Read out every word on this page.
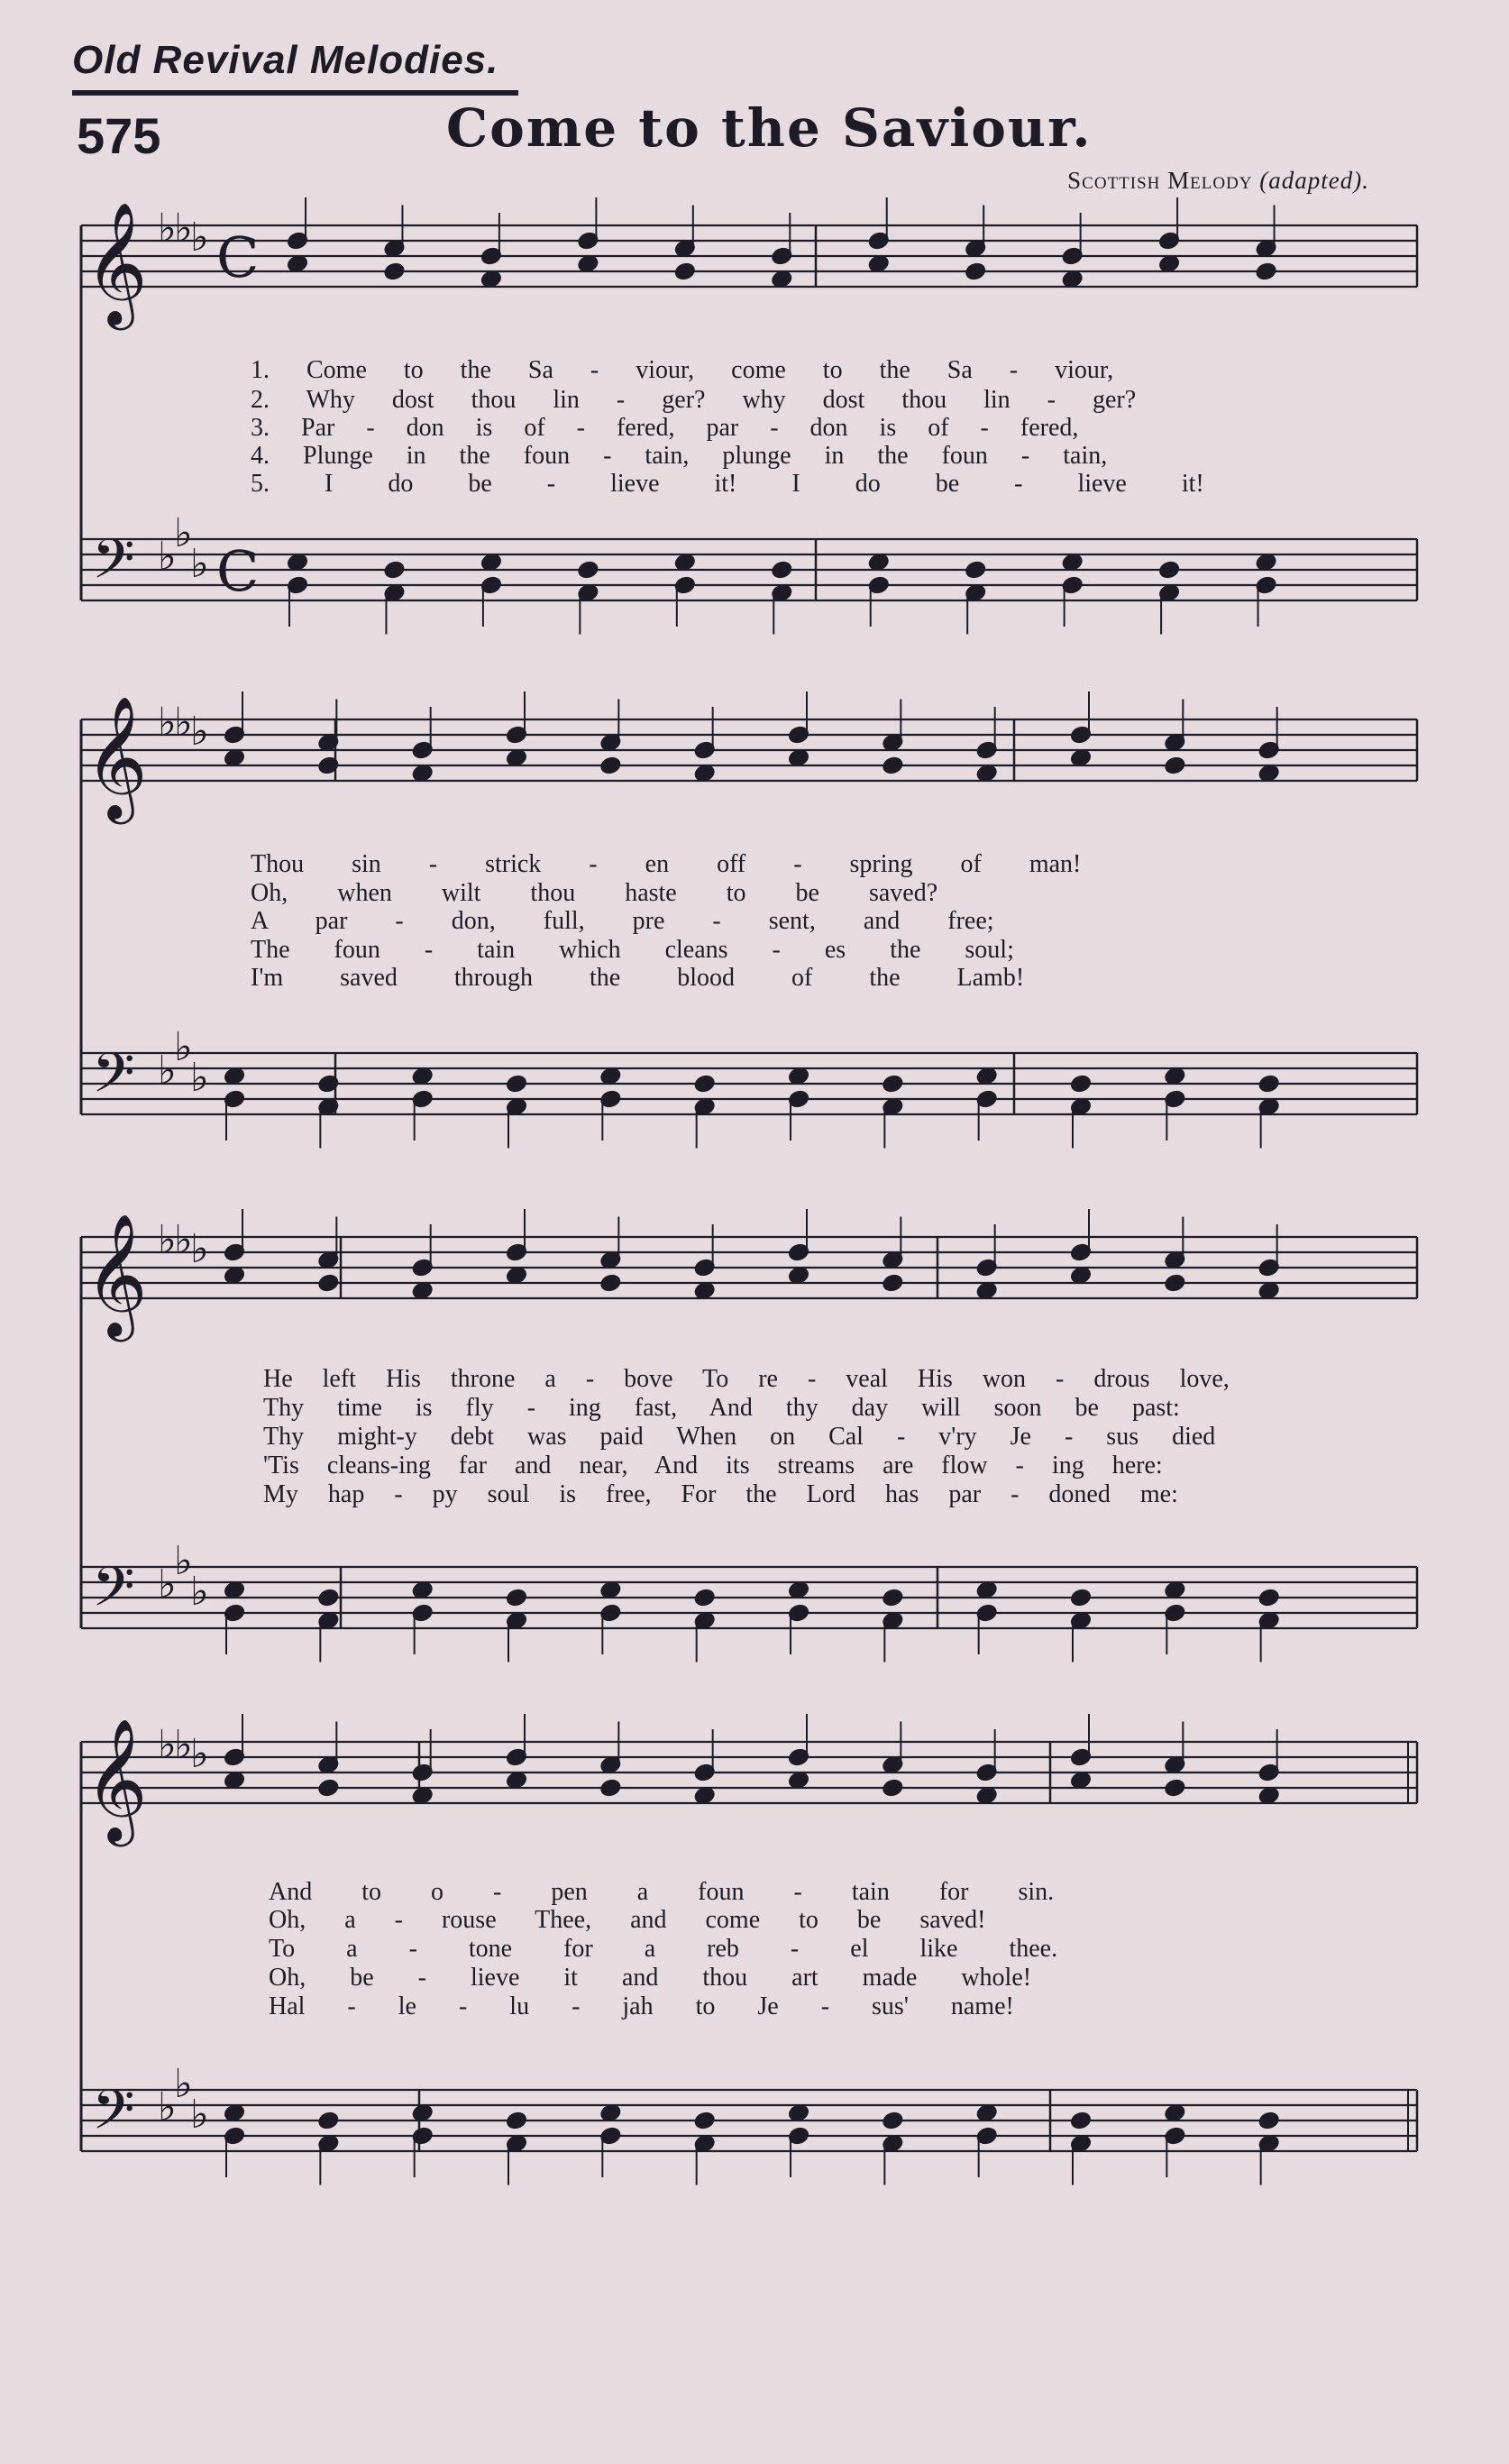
Old Revival Melodies.
575	Come to the Saviour.
Scottish Melody (adapted).
𝄞
𝄢
♭
♭
♭
♭
♭
♭
C
C
𝄞
𝄢
♭
♭
♭
♭
♭
♭
𝄞
𝄢
♭
♭
♭
♭
♭
♭
𝄞
𝄢
♭
♭
♭
♭
♭
♭
1. Come to the Sa - viour, come to the Sa - viour,
2. Why dost thou lin - ger? why dost thou lin - ger?
3. Par - don is of - fered, par - don is of - fered,
4. Plunge in the foun - tain, plunge in the foun - tain,
5. I do be - lieve it! I do be - lieve it!
Thou sin - strick - en off - spring of man!
Oh, when wilt thou haste to be saved?
A par - don, full, pre - sent, and free;
The foun - tain which cleans - es the soul;
I'm saved through the blood of the Lamb!
He left His throne a - bove To re - veal His won - drous love,
Thy time is fly - ing fast, And thy day will soon be past:
Thy might-y debt was paid When on Cal - v'ry Je - sus died
'Tis cleans-ing far and near, And its streams are flow - ing here:
My hap - py soul is free, For the Lord has par - doned me:
And to o - pen a foun - tain for sin.
Oh, a - rouse Thee, and come to be saved!
To a - tone for a reb - el like thee.
Oh, be - lieve it and thou art made whole!
Hal - le - lu - jah to Je - sus' name!
